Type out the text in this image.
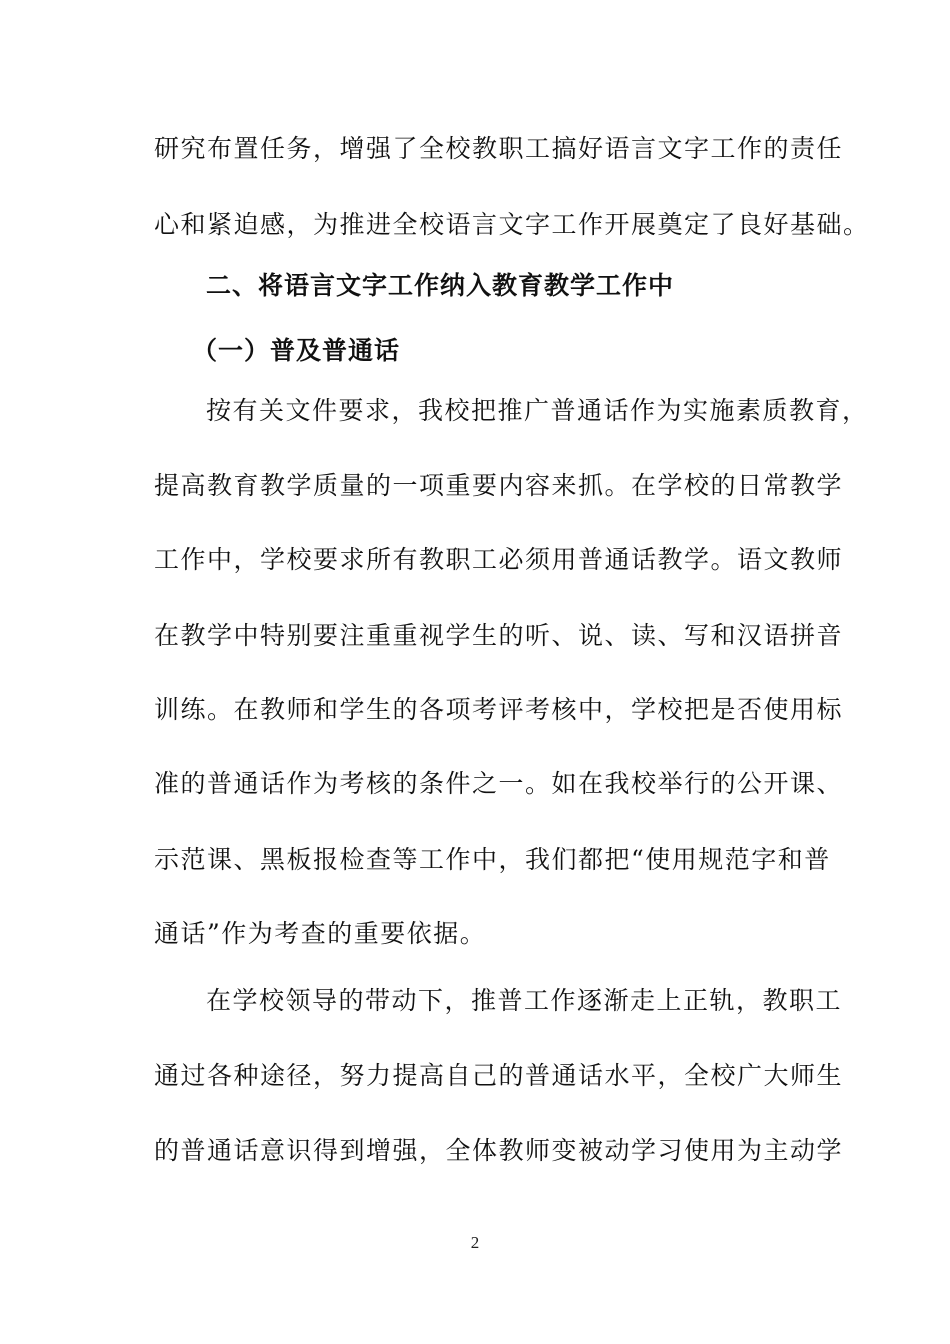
研究布置任务，增强了全校教职工搞好语言文字工作的责任
心和紧迫感，为推进全校语言文字工作开展奠定了良好基础。
二、将语言文字工作纳入教育教学工作中
（一）普及普通话
按有关文件要求，我校把推广普通话作为实施素质教育，
提高教育教学质量的一项重要内容来抓。在学校的日常教学
工作中，学校要求所有教职工必须用普通话教学。语文教师
在教学中特别要注重重视学生的听、说、读、写和汉语拼音
训练。在教师和学生的各项考评考核中，学校把是否使用标
准的普通话作为考核的条件之一。如在我校举行的公开课、
示范课、黑板报检查等工作中，我们都把“使用规范字和普
通话”作为考查的重要依据。
在学校领导的带动下，推普工作逐渐走上正轨，教职工
通过各种途径，努力提高自己的普通话水平，全校广大师生
的普通话意识得到增强，全体教师变被动学习使用为主动学
2
